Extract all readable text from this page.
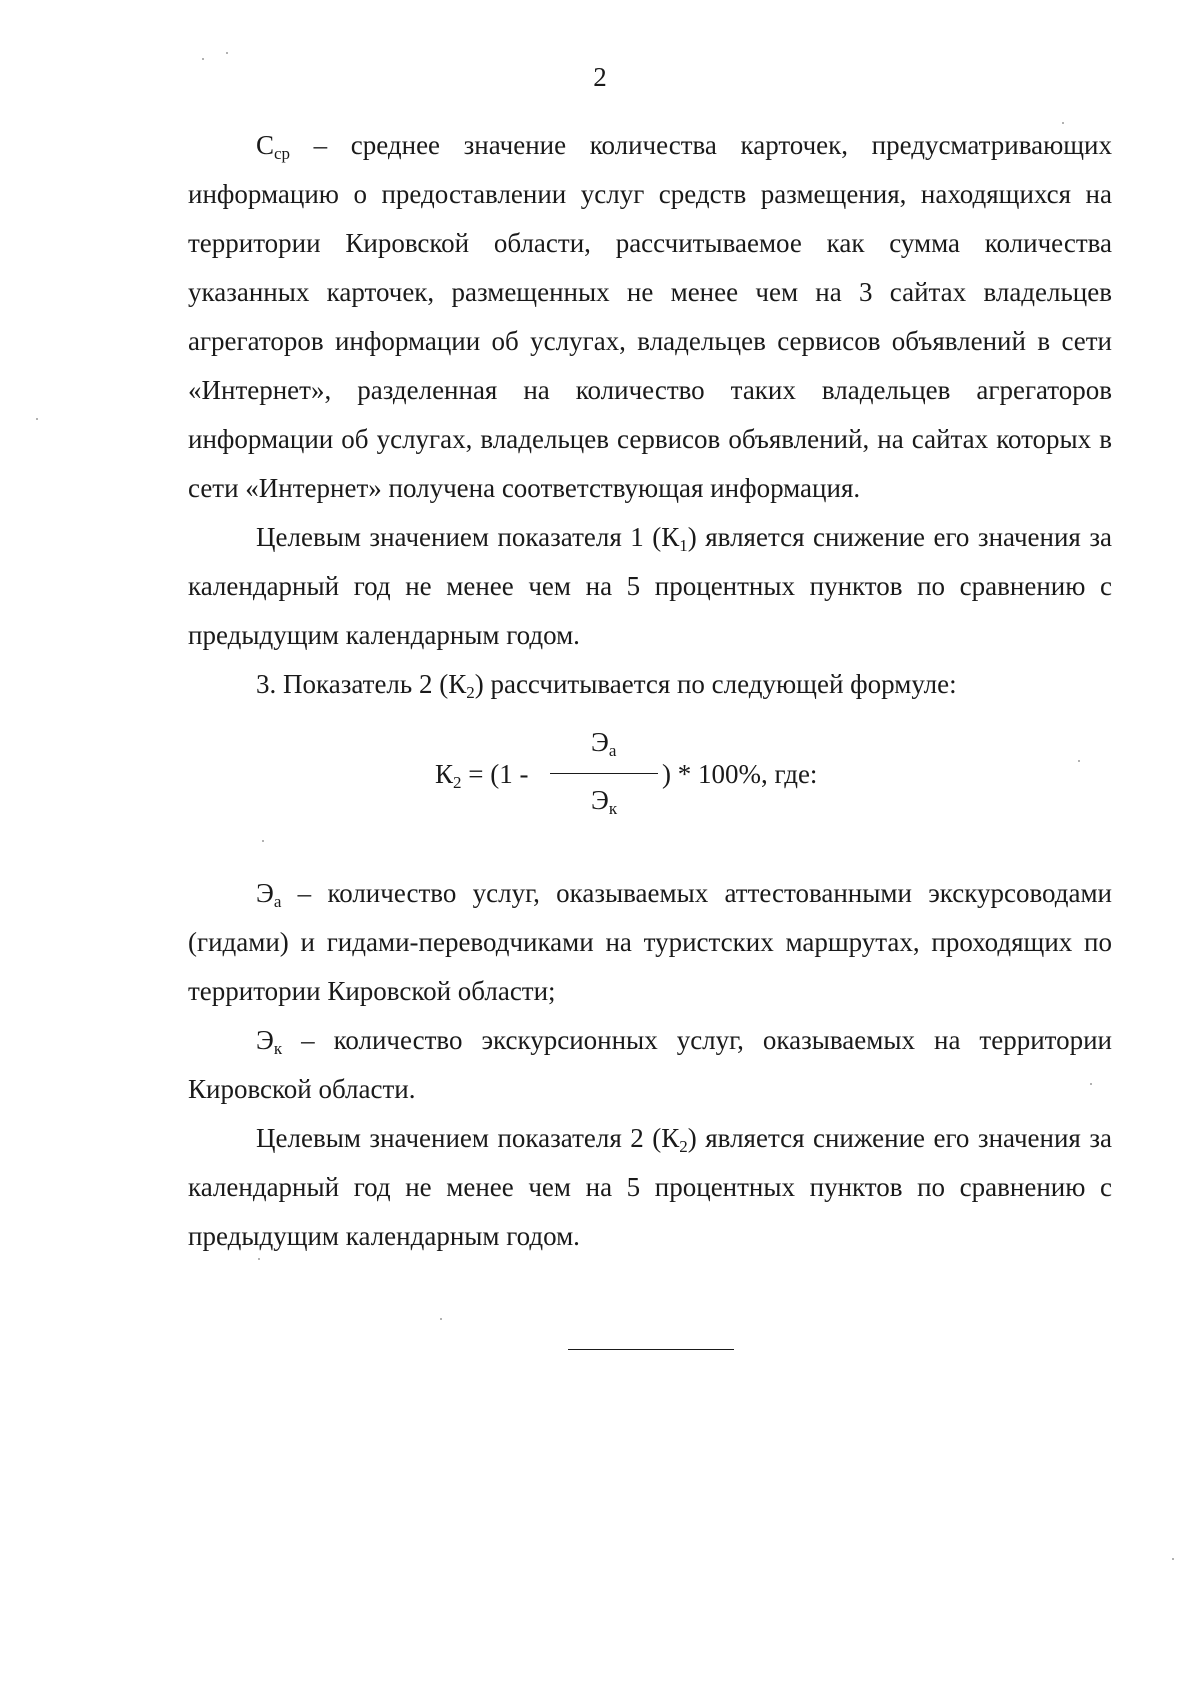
2

$С_{ср}$ – среднее значение количества карточек, предусматривающих информацию о предоставлении услуг средств размещения, находящихся на территории Кировской области, рассчитываемое как сумма количества указанных карточек, размещенных не менее чем на 3 сайтах владельцев агрегаторов информации об услугах, владельцев сервисов объявлений в сети «Интернет», разделенная на количество таких владельцев агрегаторов информации об услугах, владельцев сервисов объявлений, на сайтах которых в сети «Интернет» получена соответствующая информация.

Целевым значением показателя 1 $(К_1)$ является снижение его значения за календарный год не менее чем на 5 процентных пунктов по сравнению с предыдущим календарным годом.

3. Показатель 2 $(К_2)$ рассчитывается по следующей формуле:

$К_2 = (1$ -
$Э_а$
$Э_к$
) * 100%, где:

$Э_а$ – количество услуг, оказываемых аттестованными экскурсоводами (гидами) и гидами-переводчиками на туристских маршрутах, проходящих по территории Кировской области;

$Э_к$ – количество экскурсионных услуг, оказываемых на территории Кировской области.

Целевым значением показателя 2 $(К_2)$ является снижение его значения за календарный год не менее чем на 5 процентных пунктов по сравнению с предыдущим календарным годом.
